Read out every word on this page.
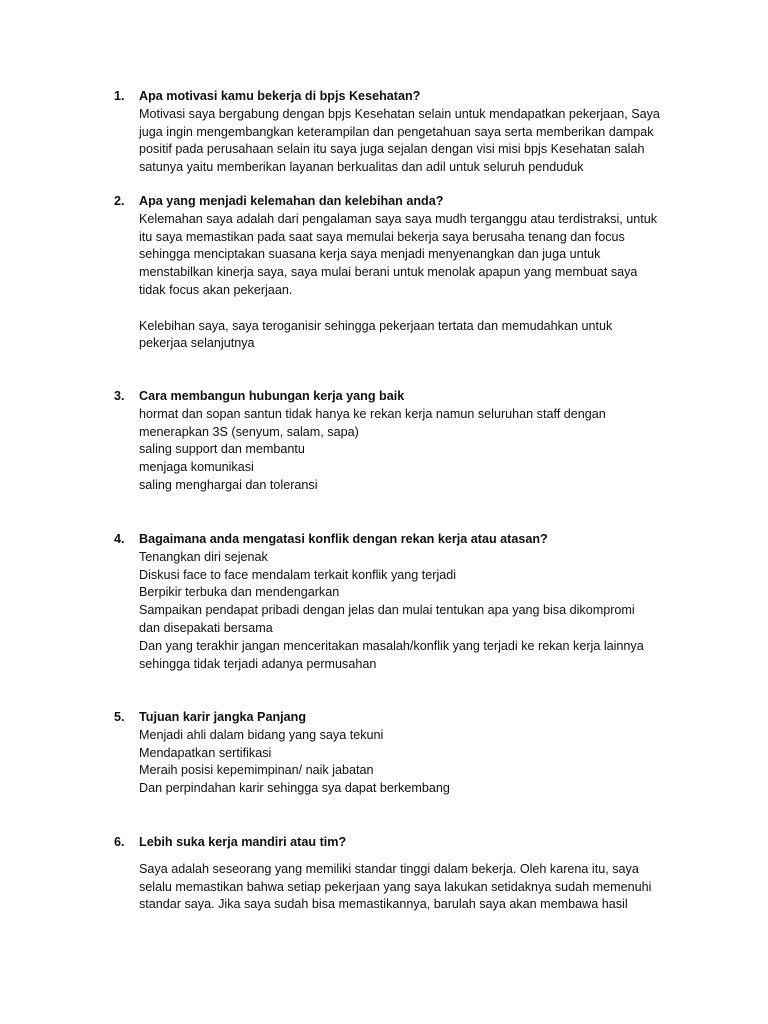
1.	Apa motivasi kamu bekerja di bpjs Kesehatan?
Motivasi saya bergabung dengan bpjs Kesehatan selain untuk mendapatkan pekerjaan, Saya
juga ingin mengembangkan keterampilan dan pengetahuan saya serta memberikan dampak
positif pada perusahaan selain itu saya juga sejalan dengan visi misi bpjs Kesehatan salah
satunya yaitu memberikan layanan berkualitas dan adil untuk seluruh penduduk
2.	Apa yang menjadi kelemahan dan kelebihan anda?
Kelemahan saya adalah dari pengalaman saya saya mudh terganggu atau terdistraksi, untuk
itu saya memastikan pada saat saya memulai bekerja saya berusaha tenang dan focus
sehingga menciptakan suasana kerja saya menjadi menyenangkan dan juga untuk
menstabilkan kinerja saya, saya mulai berani untuk menolak apapun yang membuat saya
tidak focus akan pekerjaan.
Kelebihan saya, saya teroganisir sehingga pekerjaan tertata dan memudahkan untuk
pekerjaa selanjutnya
3.	Cara membangun hubungan kerja yang baik
hormat dan sopan santun tidak hanya ke rekan kerja namun seluruhan staff dengan
menerapkan 3S (senyum, salam, sapa)
saling support dan membantu
menjaga komunikasi
saling menghargai dan toleransi
4.	Bagaimana anda mengatasi konflik dengan rekan kerja atau atasan?
Tenangkan diri sejenak
Diskusi face to face mendalam terkait konflik yang terjadi
Berpikir terbuka dan mendengarkan
Sampaikan pendapat pribadi dengan jelas dan mulai tentukan apa yang bisa dikompromi
dan disepakati bersama
Dan yang terakhir jangan menceritakan masalah/konflik yang terjadi ke rekan kerja lainnya
sehingga tidak terjadi adanya permusahan
5.	Tujuan karir jangka Panjang
Menjadi ahli dalam bidang yang saya tekuni
Mendapatkan sertifikasi
Meraih posisi kepemimpinan/ naik jabatan
Dan perpindahan karir sehingga sya dapat berkembang
6.	Lebih suka kerja mandiri atau tim?
Saya adalah seseorang yang memiliki standar tinggi dalam bekerja. Oleh karena itu, saya
selalu memastikan bahwa setiap pekerjaan yang saya lakukan setidaknya sudah memenuhi
standar saya. Jika saya sudah bisa memastikannya, barulah saya akan membawa hasil
